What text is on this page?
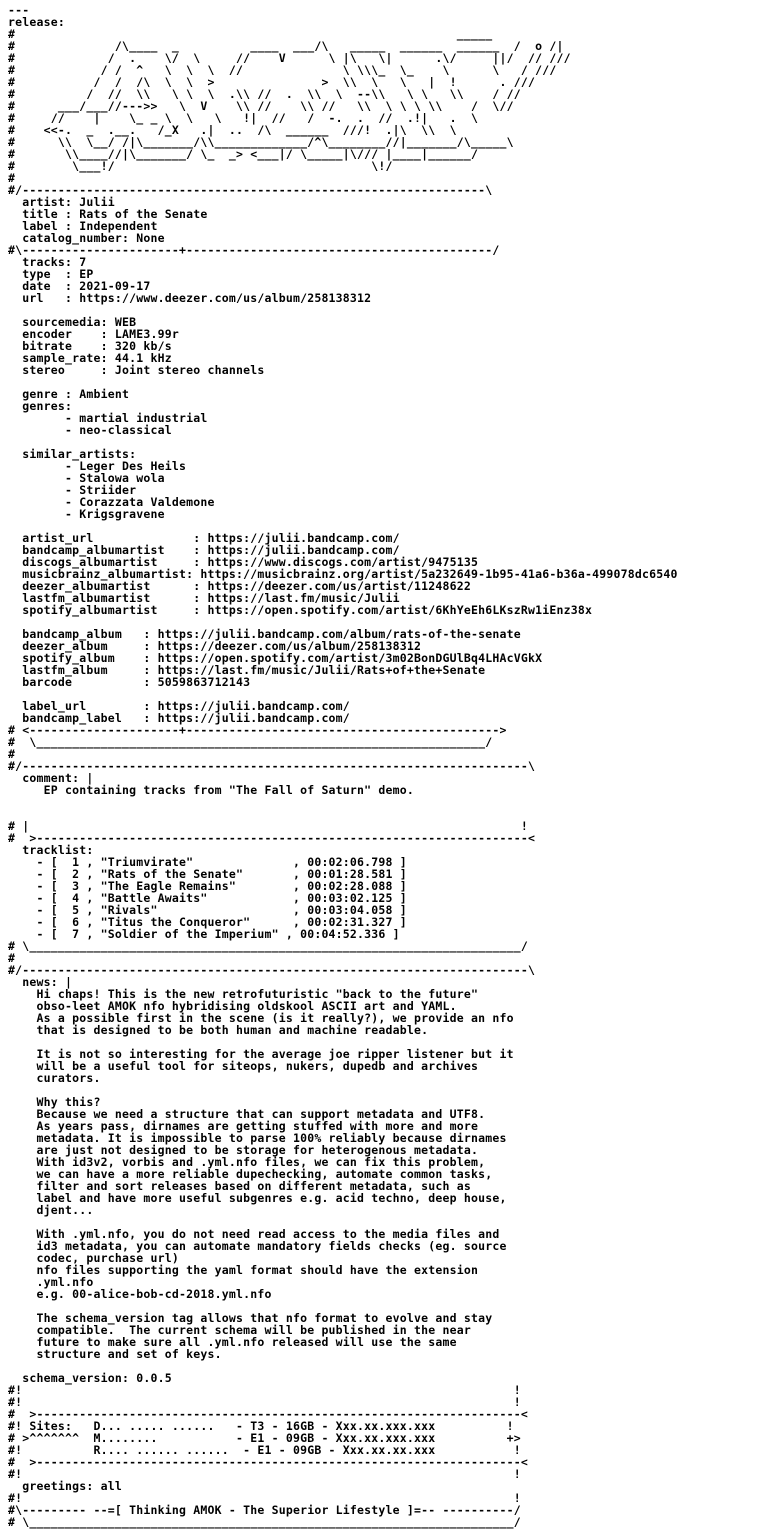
---
release:
#                                                              _____
#              /\____  _          ____  ___/\   _____  ______  ______  /  o /|
#             /  .    \/  \     //    V      \ |\   \|      .\/     ||/  // ///
#            / /  ^   \  \  \  //              \ \\\_  \_    \      \   / ///
#           /  /  /\  \  \  >               >  \\  \   \   |  !      . ///
#          /  //  \\   \ \  \  .\\ //  .  \\  \  --\\   \ \   \\    / //
#      ___/___//--->>   \  V    \\ //    \\ //   \\  \ \ \ \\    /  \//
#     //    |    \_ _ \  \   \   !|  //   /  -.  .  //  .!|   .  \
#    <<-.  _  .__.   /_X   .|  ..  /\  ______  ///!  .|\  \\  \
#      \\  \__/ /|\_______/\\_____________/^\________//|_______/\_____\
#       \\____//|\_______/ \_  _> <___|/ \_____|\/// |____|______/
#        \___!/                                    \!/
#
#/-----------------------------------------------------------------\
artist: Julii
title : Rats of the Senate
label : Independent
catalog_number: None
#\----------------------+-------------------------------------------/
tracks: 7
type  : EP
date  : 2021-09-17
url   : https://www.deezer.com/us/album/258138312

sourcemedia: WEB
encoder    : LAME3.99r
bitrate    : 320 kb/s
sample_rate: 44.1 kHz
stereo     : Joint stereo channels

genre : Ambient
genres:
- martial industrial
- neo-classical

similar_artists:
- Leger Des Heils
- Stalowa wola
- Striider
- Corazzata Valdemone
- Krigsgravene

artist_url              : https://julii.bandcamp.com/
bandcamp_albumartist    : https://julii.bandcamp.com/
discogs_albumartist     : https://www.discogs.com/artist/9475135
musicbrainz_albumartist: https://musicbrainz.org/artist/5a232649-1b95-41a6-b36a-499078dc6540
deezer_albumartist      : https://deezer.com/us/artist/11248622
lastfm_albumartist      : https://last.fm/music/Julii
spotify_albumartist     : https://open.spotify.com/artist/6KhYeEh6LKszRw1iEnz38x

bandcamp_album   : https://julii.bandcamp.com/album/rats-of-the-senate
deezer_album     : https://deezer.com/us/album/258138312
spotify_album    : https://open.spotify.com/artist/3m02BonDGUlBq4LHAcVGkX
lastfm_album     : https://last.fm/music/Julii/Rats+of+the+Senate
barcode          : 5059863712143

label_url        : https://julii.bandcamp.com/
bandcamp_label   : https://julii.bandcamp.com/
# <---------------------+-------------------------------------------->
#  \_______________________________________________________________/
#
#/-----------------------------------------------------------------------\
comment: |
EP containing tracks from "The Fall of Saturn" demo.

# |                                                                     !
#  >---------------------------------------------------------------------<
tracklist:
- [  1 , "Triumvirate"              , 00:02:06.798 ]
- [  2 , "Rats of the Senate"       , 00:01:28.581 ]
- [  3 , "The Eagle Remains"        , 00:02:28.088 ]
- [  4 , "Battle Awaits"            , 00:03:02.125 ]
- [  5 , "Rivals"                   , 00:03:04.058 ]
- [  6 , "Titus the Conqueror"      , 00:02:31.327 ]
- [  7 , "Soldier of the Imperium" , 00:04:52.336 ]
# \_____________________________________________________________________/
#
#/-----------------------------------------------------------------------\
news: |
Hi chaps! This is the new retrofuturistic "back to the future"
obso-leet AMOK nfo hybridising oldskool ASCII art and YAML.
As a possible first in the scene (is it really?), we provide an nfo
that is designed to be both human and machine readable.

It is not so interesting for the average joe ripper listener but it
will be a useful tool for siteops, nukers, dupedb and archives
curators.

Why this?
Because we need a structure that can support metadata and UTF8.
As years pass, dirnames are getting stuffed with more and more
metadata. It is impossible to parse 100% reliably because dirnames
are just not designed to be storage for heterogenous metadata.
With id3v2, vorbis and .yml.nfo files, we can fix this problem,
we can have a more reliable dupechecking, automate common tasks,
filter and sort releases based on different metadata, such as
label and have more useful subgenres e.g. acid techno, deep house,
djent...

With .yml.nfo, you do not need read access to the media files and
id3 metadata, you can automate mandatory fields checks (eg. source
codec, purchase url)
nfo files supporting the yaml format should have the extension
.yml.nfo
e.g. 00-alice-bob-cd-2018.yml.nfo

The schema_version tag allows that nfo format to evolve and stay
compatible.  The current schema will be published in the near
future to make sure all .yml.nfo released will use the same
structure and set of keys.

schema_version: 0.0.5
#!                                                                     !
#!                                                                     !
#  >--------------------------------------------------------------------<
#! Sites:   D... ..... ......   - T3 - 16GB - Xxx.xx.xxx.xxx          !
# >^^^^^^^  M........           - E1 - 09GB - Xxx.xx.xxx.xxx          +>
#!          R.... ...... ......  - E1 - 09GB - Xxx.xx.xx.xxx           !
#  >--------------------------------------------------------------------<
#!                                                                     !
greetings: all
#!                                                                     !
#\--------- --=[ Thinking AMOK - The Superior Lifestyle ]=-- ----------/
# \____________________________________________________________________/
